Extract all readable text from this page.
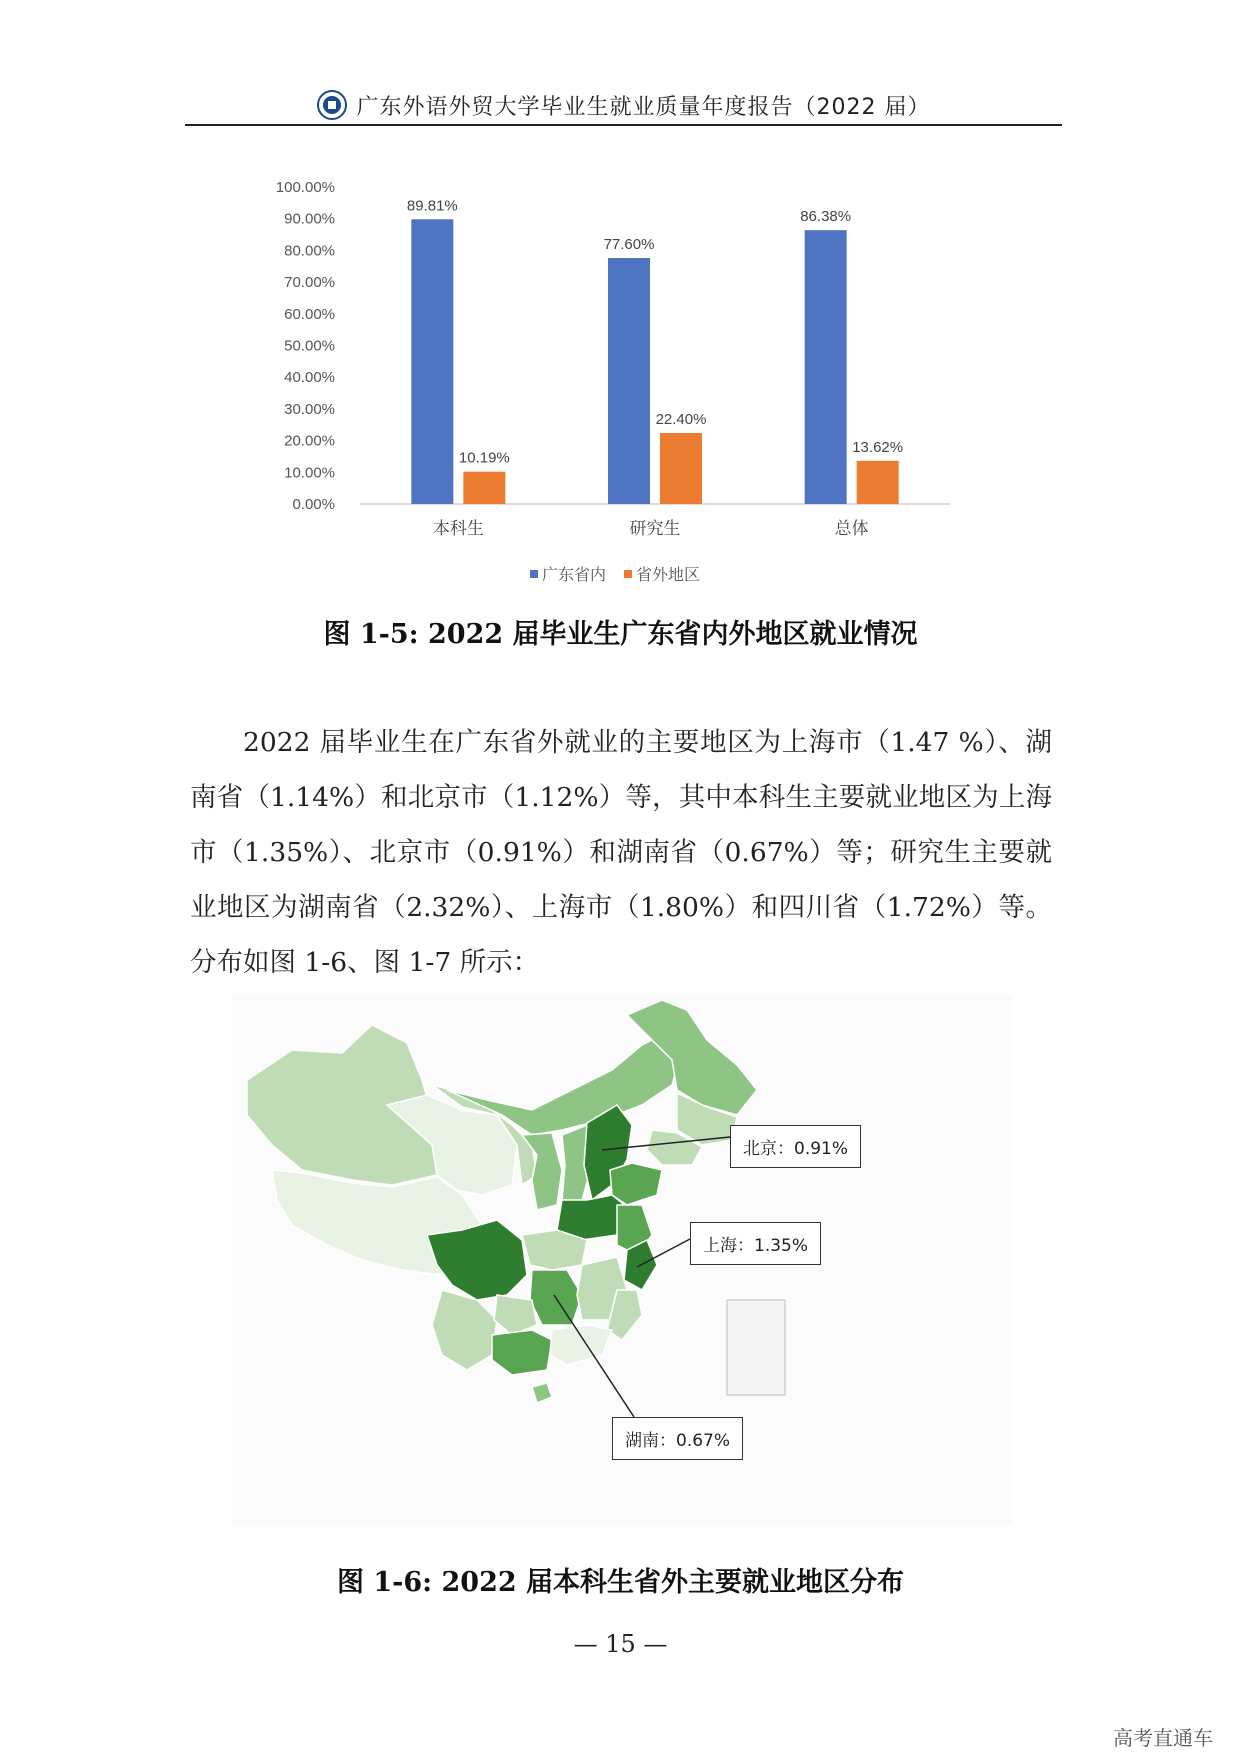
广东外语外贸大学毕业生就业质量年度报告（2022 届）
0.00%
10.00%
20.00%
30.00%
40.00%
50.00%
60.00%
70.00%
80.00%
90.00%
100.00%
89.81%
10.19%
本科生
77.60%
22.40%
研究生
86.38%
13.62%
总体
广东省内 省外地区
图 1-5: 2022 届毕业生广东省内外地区就业情况
2022 届毕业生在广东省外就业的主要地区为上海市（1.47 %）、湖南省（1.14%）和北京市（1.12%）等，其中本科生主要就业地区为上海市（1.35%）、北京市（0.91%）和湖南省（0.67%）等；研究生主要就业地区为湖南省（2.32%）、上海市（1.80%）和四川省（1.72%）等。分布如图 1-6、图 1-7 所示：
北京：0.91%
上海：1.35%
湖南：0.67%
图 1-6: 2022 届本科生省外主要就业地区分布
— 15 —
高考直通车
